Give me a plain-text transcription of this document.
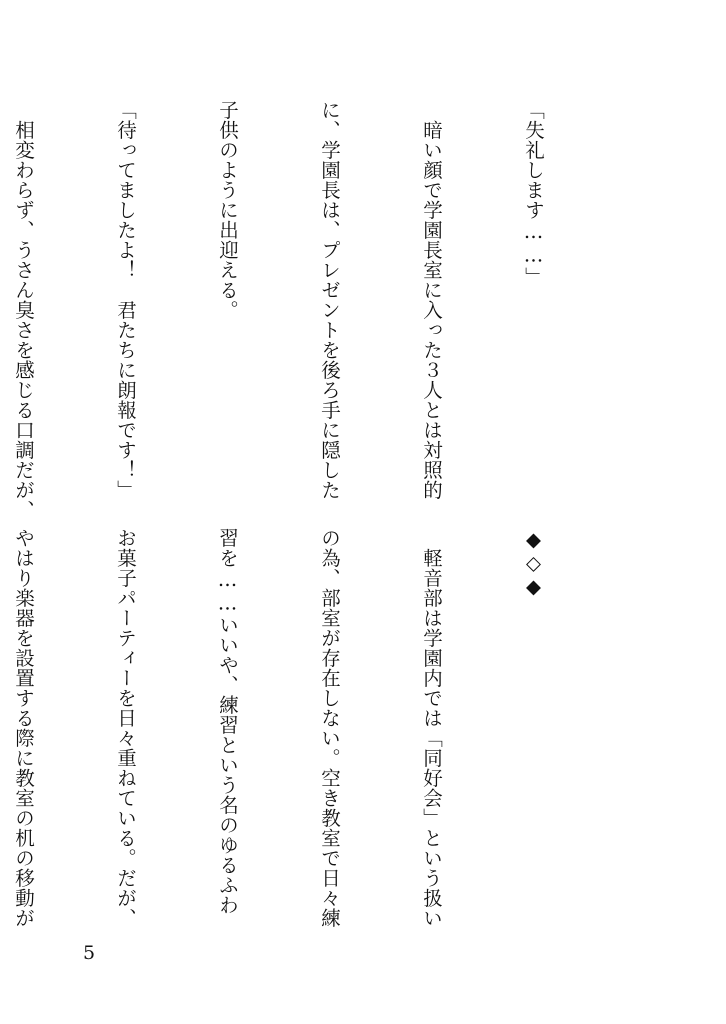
「失礼します……」

　暗い顔で学園長室に入った３人とは対照的

に、学園長は、プレゼントを後ろ手に隠した

子供のように出迎える。

「待ってましたよ！　君たちに朗報です！」

　相変わらず、うさん臭さを感じる口調だが、

◆◇◆

　軽音部は学園内では「同好会」という扱い

の為、部室が存在しない。空き教室で日々練

習を……いいや、練習という名のゆるふわ

お菓子パーティーを日々重ねている。だが、

やはり楽器を設置する際に教室の机の移動が

5
